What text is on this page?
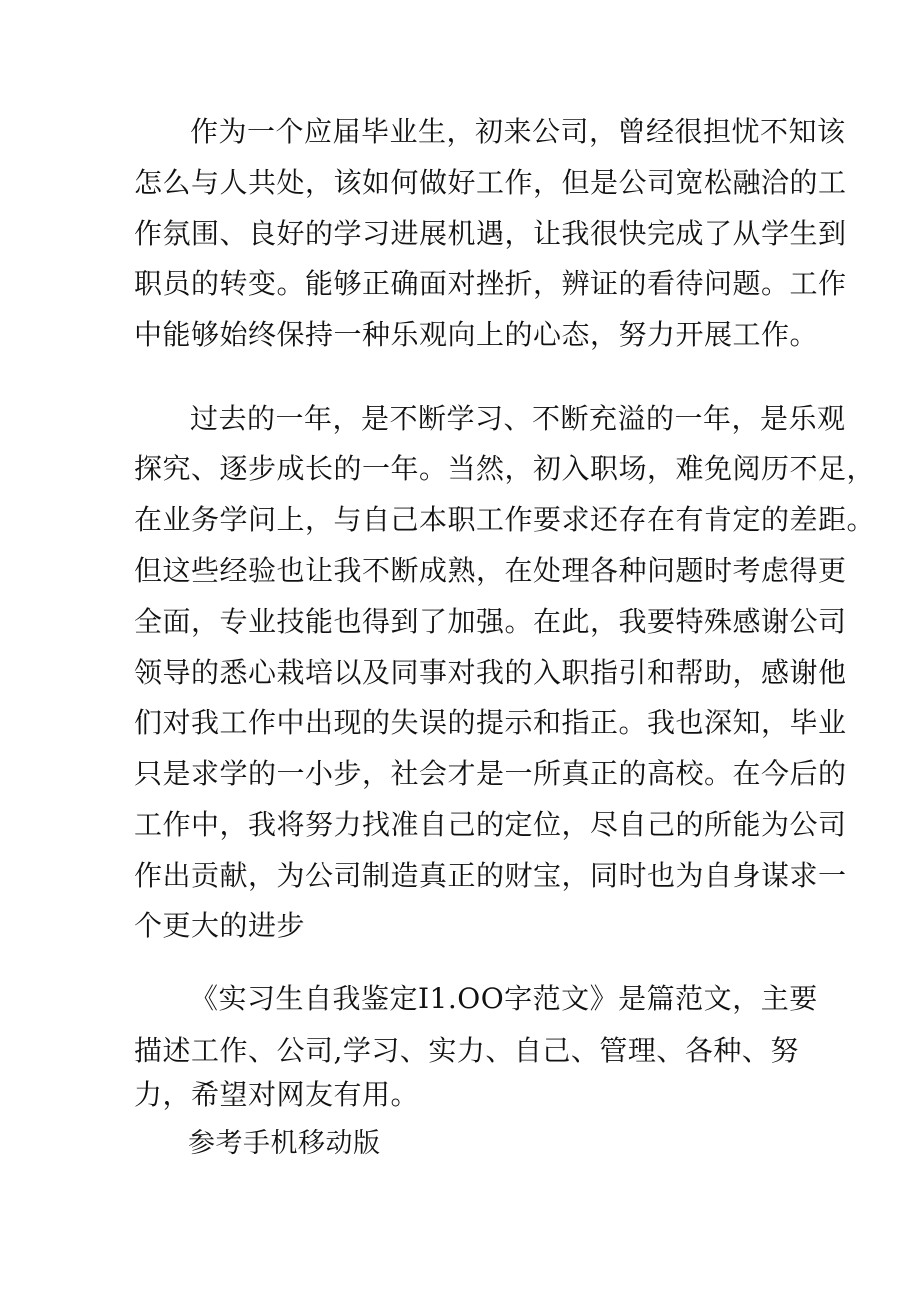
作为一个应届毕业生，初来公司，曾经很担忧不知该
怎么与人共处，该如何做好工作，但是公司宽松融洽的工
作氛围、良好的学习进展机遇，让我很快完成了从学生到
职员的转变。能够正确面对挫折，辨证的看待问题。工作
中能够始终保持一种乐观向上的心态，努力开展工作。
过去的一年，是不断学习、不断充溢的一年，是乐观
探究、逐步成长的一年。当然，初入职场，难免阅历不足，
在业务学问上，与自己本职工作要求还存在有肯定的差距。
但这些经验也让我不断成熟，在处理各种问题时考虑得更
全面，专业技能也得到了加强。在此，我要特殊感谢公司
领导的悉心栽培以及同事对我的入职指引和帮助，感谢他
们对我工作中出现的失误的提示和指正。我也深知，毕业
只是求学的一小步，社会才是一所真正的高校。在今后的
工作中，我将努力找准自己的定位，尽自己的所能为公司
作出贡献，为公司制造真正的财宝，同时也为自身谋求一
个更大的进步
《实习生自我鉴定I1.OO字范文》是篇范文，主要
描述工作、公司,学习、实力、自己、管理、各种、努
力，希望对网友有用。
参考手机移动版
